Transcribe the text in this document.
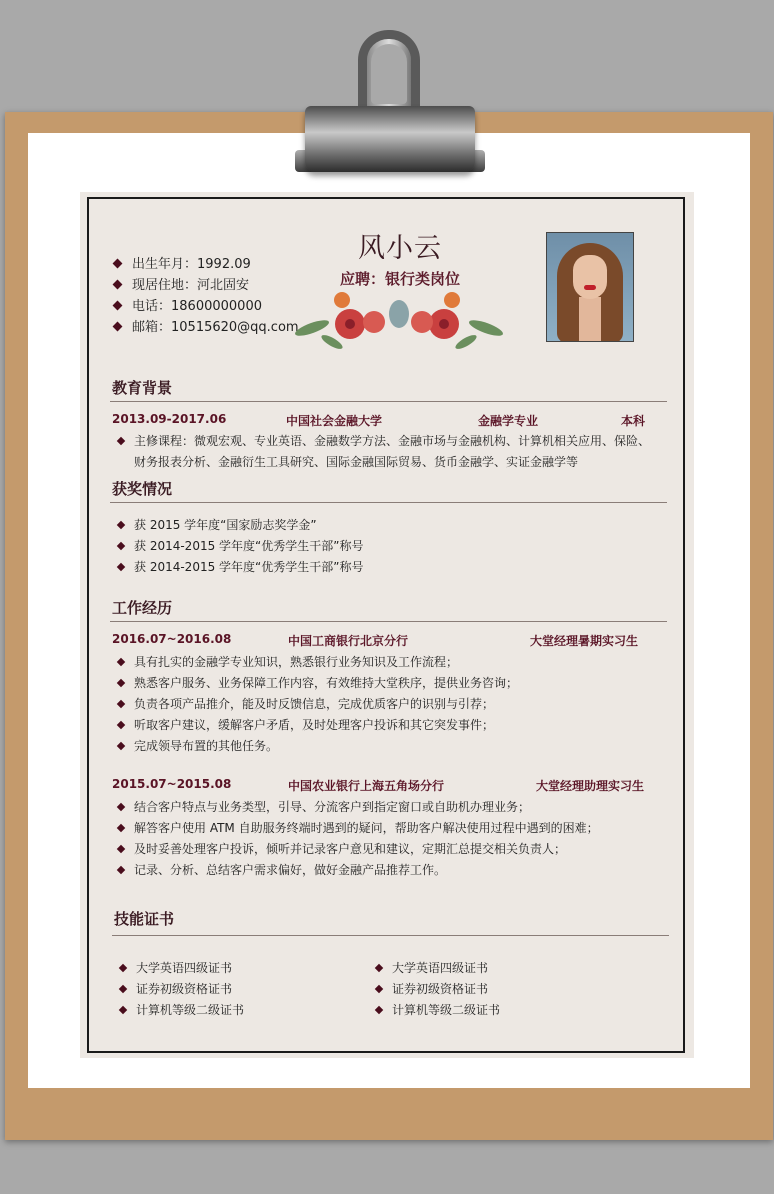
风小云
应聘：银行类岗位
出生年月：1992.09
现居住地：河北固安
电话：18600000000
邮箱：10515620@qq.com
教育背景
2013.09-2017.06	中国社会金融大学	金融学专业	本科
主修课程：微观宏观、专业英语、金融数学方法、金融市场与金融机构、计算机相关应用、保险、
财务报表分析、金融衍生工具研究、国际金融国际贸易、货币金融学、实证金融学等
获奖情况
获 2015 学年度“国家励志奖学金”
获 2014-2015 学年度“优秀学生干部”称号
获 2014-2015 学年度“优秀学生干部”称号
工作经历
2016.07~2016.08	中国工商银行北京分行	大堂经理暑期实习生
具有扎实的金融学专业知识，熟悉银行业务知识及工作流程；
熟悉客户服务、业务保障工作内容，有效维持大堂秩序，提供业务咨询；
负责各项产品推介，能及时反馈信息，完成优质客户的识别与引荐；
听取客户建议，缓解客户矛盾，及时处理客户投诉和其它突发事件；
完成领导布置的其他任务。
2015.07~2015.08	中国农业银行上海五角场分行	大堂经理助理实习生
结合客户特点与业务类型，引导、分流客户到指定窗口或自助机办理业务；
解答客户使用 ATM 自助服务终端时遇到的疑问，帮助客户解决使用过程中遇到的困难；
及时妥善处理客户投诉，倾听并记录客户意见和建议，定期汇总提交相关负责人；
记录、分析、总结客户需求偏好，做好金融产品推荐工作。
技能证书
大学英语四级证书
证券初级资格证书
计算机等级二级证书
大学英语四级证书
证券初级资格证书
计算机等级二级证书
